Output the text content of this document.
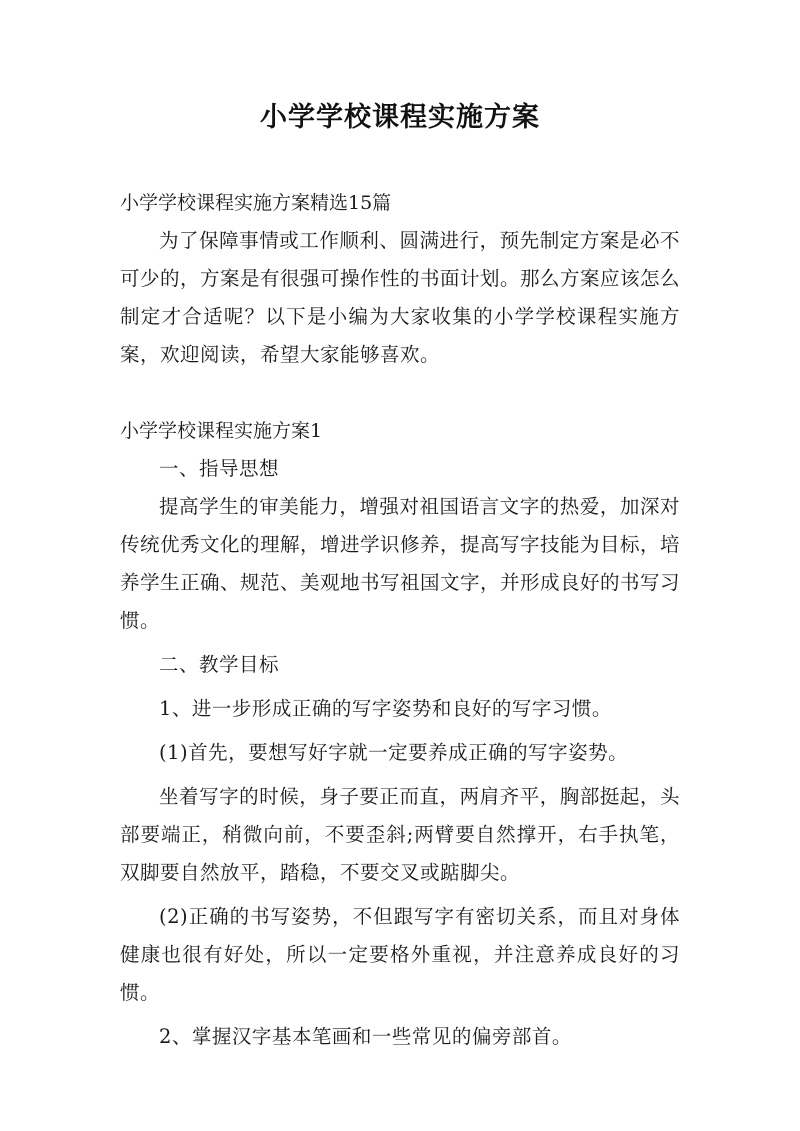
小学学校课程实施方案
小学学校课程实施方案精选15篇

为了保障事情或工作顺利、圆满进行，预先制定方案是必不可少的，方案是有很强可操作性的书面计划。那么方案应该怎么制定才合适呢？以下是小编为大家收集的小学学校课程实施方案，欢迎阅读，希望大家能够喜欢。

小学学校课程实施方案1

一、指导思想

提高学生的审美能力，增强对祖国语言文字的热爱，加深对传统优秀文化的理解，增进学识修养，提高写字技能为目标，培养学生正确、规范、美观地书写祖国文字，并形成良好的书写习惯。

二、教学目标

1、进一步形成正确的写字姿势和良好的写字习惯。

(1)首先，要想写好字就一定要养成正确的写字姿势。

坐着写字的时候，身子要正而直，两肩齐平，胸部挺起，头部要端正，稍微向前，不要歪斜;两臂要自然撑开，右手执笔，双脚要自然放平，踏稳，不要交叉或踮脚尖。

(2)正确的书写姿势，不但跟写字有密切关系，而且对身体健康也很有好处，所以一定要格外重视，并注意养成良好的习惯。

2、掌握汉字基本笔画和一些常见的偏旁部首。
